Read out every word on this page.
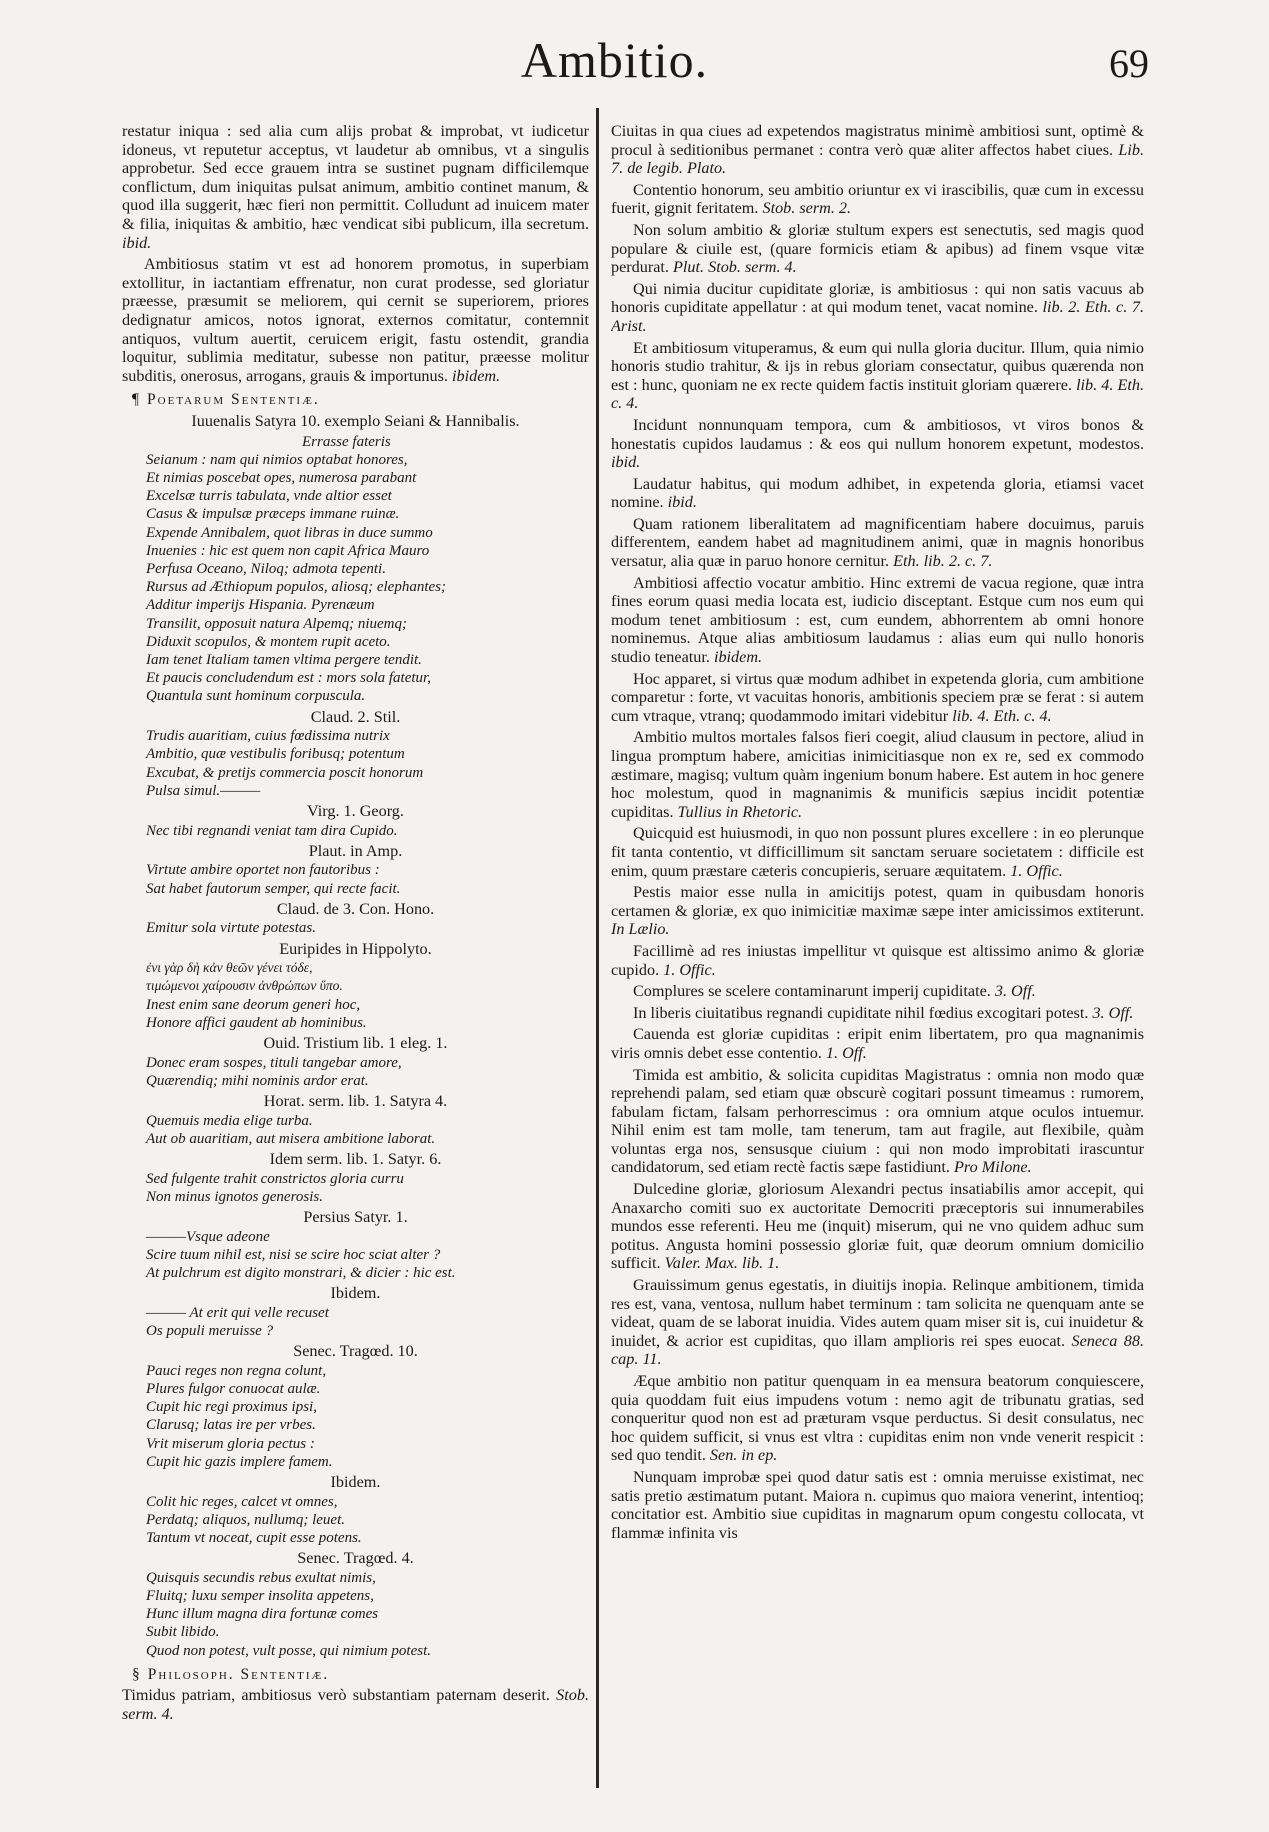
Ambitio.	69

restatur iniqua : sed alia cum alijs probat & improbat, vt iudicetur idoneus, vt reputetur acceptus, vt laudetur ab omnibus, vt a singulis approbetur. Sed ecce grauem intra se sustinet pugnam difficilemque conflictum, dum iniquitas pulsat animum, ambitio continet manum, & quod illa suggerit, hæc fieri non permittit. Colludunt ad inuicem mater & filia, iniquitas & ambitio, hæc vendicat sibi publicum, illa secretum. ibid.

Ambitiosus statim vt est ad honorem promotus, in superbiam extollitur, in iactantiam effrenatur, non curat prodesse, sed gloriatur præesse, præsumit se meliorem, qui cernit se superiorem, priores dedignatur amicos, notos ignorat, externos comitatur, contemnit antiquos, vultum auertit, ceruicem erigit, fastu ostendit, grandia loquitur, sublimia meditatur, subesse non patitur, præesse molitur subditis, onerosus, arrogans, grauis & importunus. ibidem.

¶ Poetarum Sententiæ.
Iuuenalis Satyra 10. exemplo Seiani & Hannibalis.
Errasse fateris
Seianum : nam qui nimios optabat honores,
Et nimias poscebat opes, numerosa parabant
Excelsæ turris tabulata, vnde altior esset
Casus & impulsæ præceps immane ruinæ.
Expende Annibalem, quot libras in duce summo
Inuenies : hic est quem non capit Africa Mauro
Perfusa Oceano, Niloq; admota tepenti.
Rursus ad Æthiopum populos, aliosq; elephantes;
Additur imperijs Hispania. Pyrenæum
Transilit, opposuit natura Alpemq; niuemq;
Diduxit scopulos, & montem rupit aceto.
Iam tenet Italiam tamen vltima pergere tendit.
Et paucis concludendum est : mors sola fatetur,
Quantula sunt hominum corpuscula.
Claud. 2. Stil.
Trudis auaritiam, cuius fœdissima nutrix
Ambitio, quæ vestibulis foribusq; potentum
Excubat, & pretijs commercia poscit honorum
Pulsa simul.———
Virg. 1. Georg.
Nec tibi regnandi veniat tam dira Cupido.
Plaut. in Amp.
Virtute ambire oportet non fautoribus :
Sat habet fautorum semper, qui recte facit.
Claud. de 3. Con. Hono.
Emitur sola virtute potestas.
Euripides in Hippolyto.
ἐνι γὰρ δὴ κἀν θεῶν γένει τόδε,
τιμώμενοι χαίρουσιν ἀνθρώπων ὕπο.
Inest enim sane deorum generi hoc,
Honore affici gaudent ab hominibus.
Ouid. Tristium lib. 1 eleg. 1.
Donec eram sospes, tituli tangebar amore,
Quærendiq; mihi nominis ardor erat.
Horat. serm. lib. 1. Satyra 4.
Quemuis media elige turba.
Aut ob auaritiam, aut misera ambitione laborat.
Idem serm. lib. 1. Satyr. 6.
Sed fulgente trahit constrictos gloria curru
Non minus ignotos generosis.
Persius Satyr. 1.
———Vsque adeone
Scire tuum nihil est, nisi se scire hoc sciat alter ?
At pulchrum est digito monstrari, & dicier : hic est.
Ibidem.
——— At erit qui velle recuset
Os populi meruisse ?
Senec. Tragœd. 10.
Pauci reges non regna colunt,
Plures fulgor conuocat aulæ.
Cupit hic regi proximus ipsi,
Clarusq; latas ire per vrbes.
Vrit miserum gloria pectus :
Cupit hic gazis implere famem.
Ibidem.
Colit hic reges, calcet vt omnes,
Perdatq; aliquos, nullumq; leuet.
Tantum vt noceat, cupit esse potens.
Senec. Tragœd. 4.
Quisquis secundis rebus exultat nimis,
Fluitq; luxu semper insolita appetens,
Hunc illum magna dira fortunæ comes
Subit libido.
Quod non potest, vult posse, qui nimium potest.
§ Philosoph. Sententiæ.

Timidus patriam, ambitiosus verò substantiam paternam deserit. Stob. serm. 4.

Ciuitas in qua ciues ad expetendos magistratus minimè ambitiosi sunt, optimè & procul à seditionibus permanet : contra verò quæ aliter affectos habet ciues. Lib. 7. de legib. Plato.

Contentio honorum, seu ambitio oriuntur ex vi irascibilis, quæ cum in excessu fuerit, gignit feritatem. Stob. serm. 2.

Non solum ambitio & gloriæ stultum expers est senectutis, sed magis quod populare & ciuile est, (quare formicis etiam & apibus) ad finem vsque vitæ perdurat. Plut. Stob. serm. 4.

Qui nimia ducitur cupiditate gloriæ, is ambitiosus : qui non satis vacuus ab honoris cupiditate appellatur : at qui modum tenet, vacat nomine. lib. 2. Eth. c. 7. Arist.

Et ambitiosum vituperamus, & eum qui nulla gloria ducitur. Illum, quia nimio honoris studio trahitur, & ijs in rebus gloriam consectatur, quibus quærenda non est : hunc, quoniam ne ex recte quidem factis instituit gloriam quærere. lib. 4. Eth. c. 4.

Incidunt nonnunquam tempora, cum & ambitiosos, vt viros bonos & honestatis cupidos laudamus : & eos qui nullum honorem expetunt, modestos. ibid.

Laudatur habitus, qui modum adhibet, in expetenda gloria, etiamsi vacet nomine. ibid.

Quam rationem liberalitatem ad magnificentiam habere docuimus, paruis differentem, eandem habet ad magnitudinem animi, quæ in magnis honoribus versatur, alia quæ in paruo honore cernitur. Eth. lib. 2. c. 7.

Ambitiosi affectio vocatur ambitio. Hinc extremi de vacua regione, quæ intra fines eorum quasi media locata est, iudicio disceptant. Estque cum nos eum qui modum tenet ambitiosum : est, cum eundem, abhorrentem ab omni honore nominemus. Atque alias ambitiosum laudamus : alias eum qui nullo honoris studio teneatur. ibidem.

Hoc apparet, si virtus quæ modum adhibet in expetenda gloria, cum ambitione comparetur : forte, vt vacuitas honoris, ambitionis speciem præ se ferat : si autem cum vtraque, vtranq; quodammodo imitari videbitur lib. 4. Eth. c. 4.

Ambitio multos mortales falsos fieri coegit, aliud clausum in pectore, aliud in lingua promptum habere, amicitias inimicitiasque non ex re, sed ex commodo æstimare, magisq; vultum quàm ingenium bonum habere. Est autem in hoc genere hoc molestum, quod in magnanimis & munificis sæpius incidit potentiæ cupiditas. Tullius in Rhetoric.

Quicquid est huiusmodi, in quo non possunt plures excellere : in eo plerunque fit tanta contentio, vt difficillimum sit sanctam seruare societatem : difficile est enim, quum præstare cæteris concupieris, seruare æquitatem. 1. Offic.

Pestis maior esse nulla in amicitijs potest, quam in quibusdam honoris certamen & gloriæ, ex quo inimicitiæ maximæ sæpe inter amicissimos extiterunt. In Lælio.

Facillimè ad res iniustas impellitur vt quisque est altissimo animo & gloriæ cupido. 1. Offic.

Complures se scelere contaminarunt imperij cupiditate. 3. Off.

In liberis ciuitatibus regnandi cupiditate nihil fœdius excogitari potest. 3. Off.

Cauenda est gloriæ cupiditas : eripit enim libertatem, pro qua magnanimis viris omnis debet esse contentio. 1. Off.

Timida est ambitio, & solicita cupiditas Magistratus : omnia non modo quæ reprehendi palam, sed etiam quæ obscurè cogitari possunt timeamus : rumorem, fabulam fictam, falsam perhorrescimus : ora omnium atque oculos intuemur. Nihil enim est tam molle, tam tenerum, tam aut fragile, aut flexibile, quàm voluntas erga nos, sensusque ciuium : qui non modo improbitati irascuntur candidatorum, sed etiam rectè factis sæpe fastidiunt. Pro Milone.

Dulcedine gloriæ, gloriosum Alexandri pectus insatiabilis amor accepit, qui Anaxarcho comiti suo ex auctoritate Democriti præceptoris sui innumerabiles mundos esse referenti. Heu me (inquit) miserum, qui ne vno quidem adhuc sum potitus. Angusta homini possessio gloriæ fuit, quæ deorum omnium domicilio sufficit. Valer. Max. lib. 1.

Grauissimum genus egestatis, in diuitijs inopia. Relinque ambitionem, timida res est, vana, ventosa, nullum habet terminum : tam solicita ne quenquam ante se videat, quam de se laborat inuidia. Vides autem quam miser sit is, cui inuidetur & inuidet, & acrior est cupiditas, quo illam amplioris rei spes euocat. Seneca 88. cap. 11.

Æque ambitio non patitur quenquam in ea mensura beatorum conquiescere, quia quoddam fuit eius impudens votum : nemo agit de tribunatu gratias, sed conqueritur quod non est ad præturam vsque perductus. Si desit consulatus, nec hoc quidem sufficit, si vnus est vltra : cupiditas enim non vnde venerit respicit : sed quo tendit. Sen. in ep.

Nunquam improbæ spei quod datur satis est : omnia meruisse existimat, nec satis pretio æstimatum putant. Maiora n. cupimus quo maiora venerint, intentioq; concitatior est. Ambitio siue cupiditas in magnarum opum congestu collocata, vt flammæ infinita vis
